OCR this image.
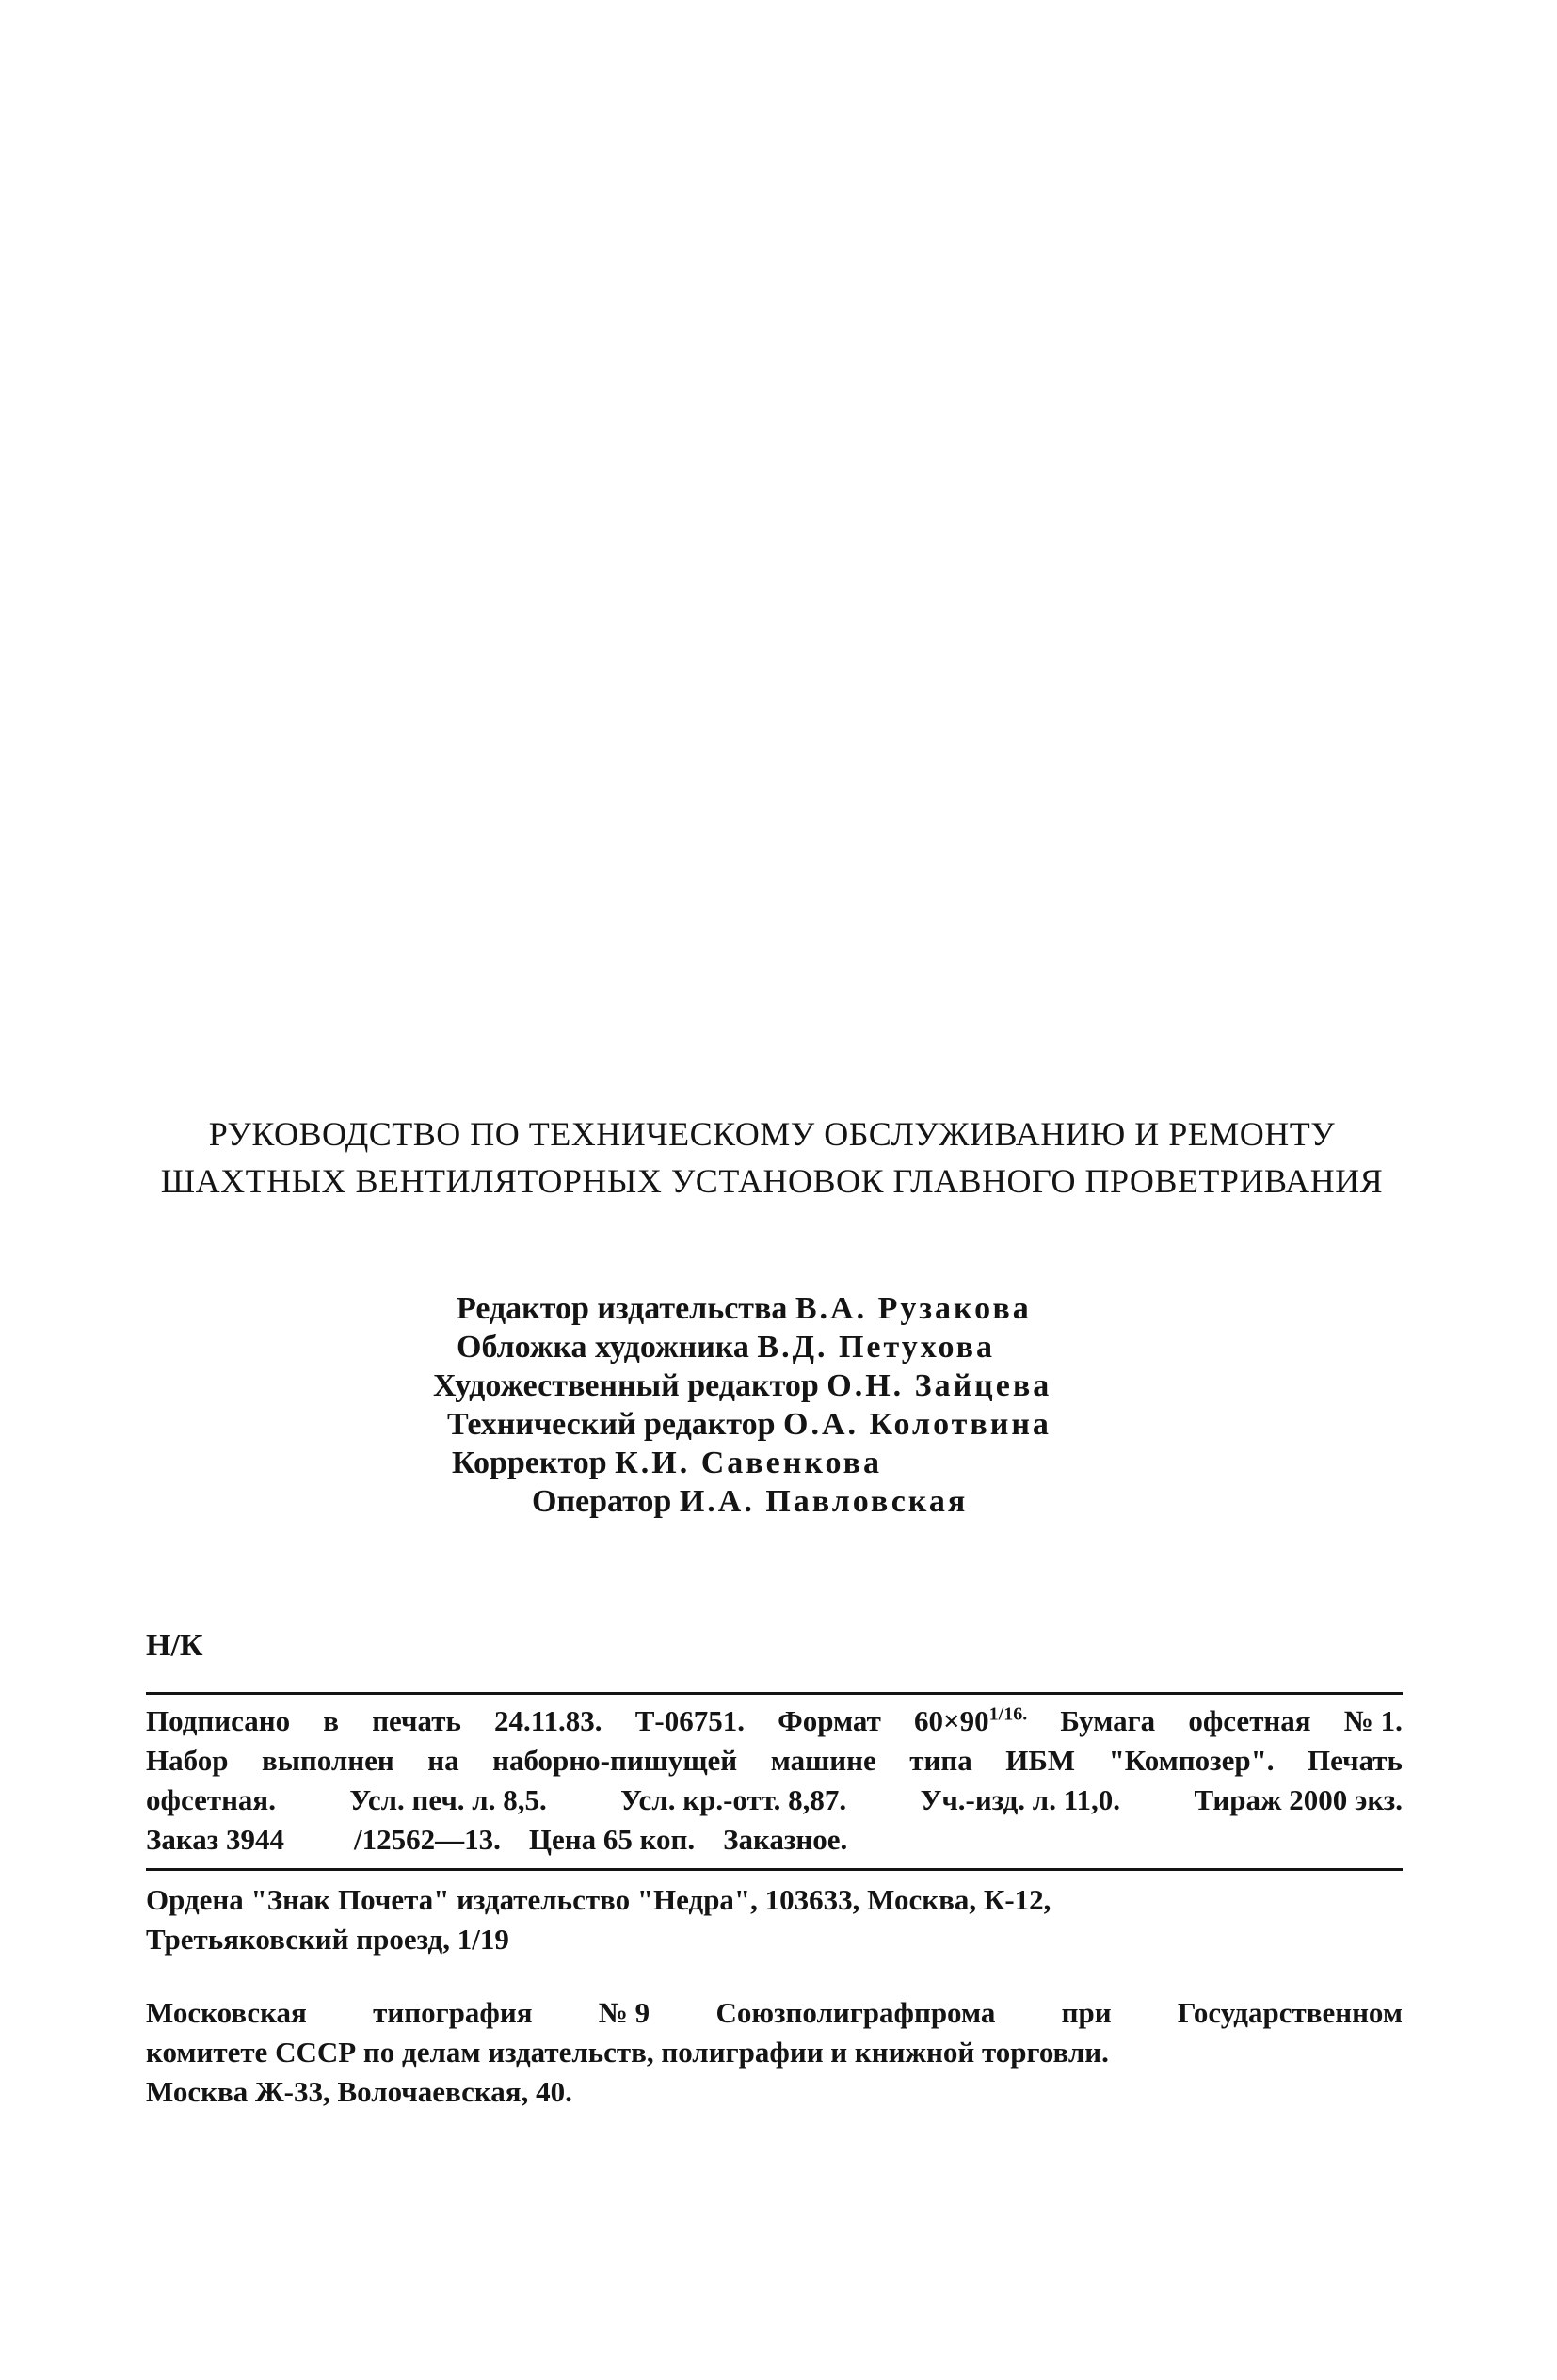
РУКОВОДСТВО ПО ТЕХНИЧЕСКОМУ ОБСЛУЖИВАНИЮ И РЕМОНТУ
ШАХТНЫХ ВЕНТИЛЯТОРНЫХ УСТАНОВОК ГЛАВНОГО ПРОВЕТРИВАНИЯ
Редактор издательства В.А. Рузакова
Обложка художника В.Д. Петухова
Художественный редактор О.Н. Зайцева
Технический редактор О.А. Колотвина
Корректор К.И. Савенкова
Оператор И.А. Павловская
Н/К
Подписано в печать 24.11.83. Т-06751. Формат $60\times 90^{1/16.}$ Бумага офсетная № 1.
Набор выполнен на наборно-пишущей машине типа ИБМ "Композер". Печать
офсетная.	Усл. печ. л. 8,5.	Усл. кр.-отт. 8,87.	Уч.-изд. л. 11,0.	Тираж 2000 экз.
Заказ 3944 /12562—13. Цена 65 коп. Заказное.
Ордена "Знак Почета" издательство "Недра", 103633, Москва, К-12,
Третьяковский проезд, 1/19
Московская типография № 9 Союзполиграфпрома при Государственном
комитете СССР по делам издательств, полиграфии и книжной торговли.
Москва Ж-33, Волочаевская, 40.
